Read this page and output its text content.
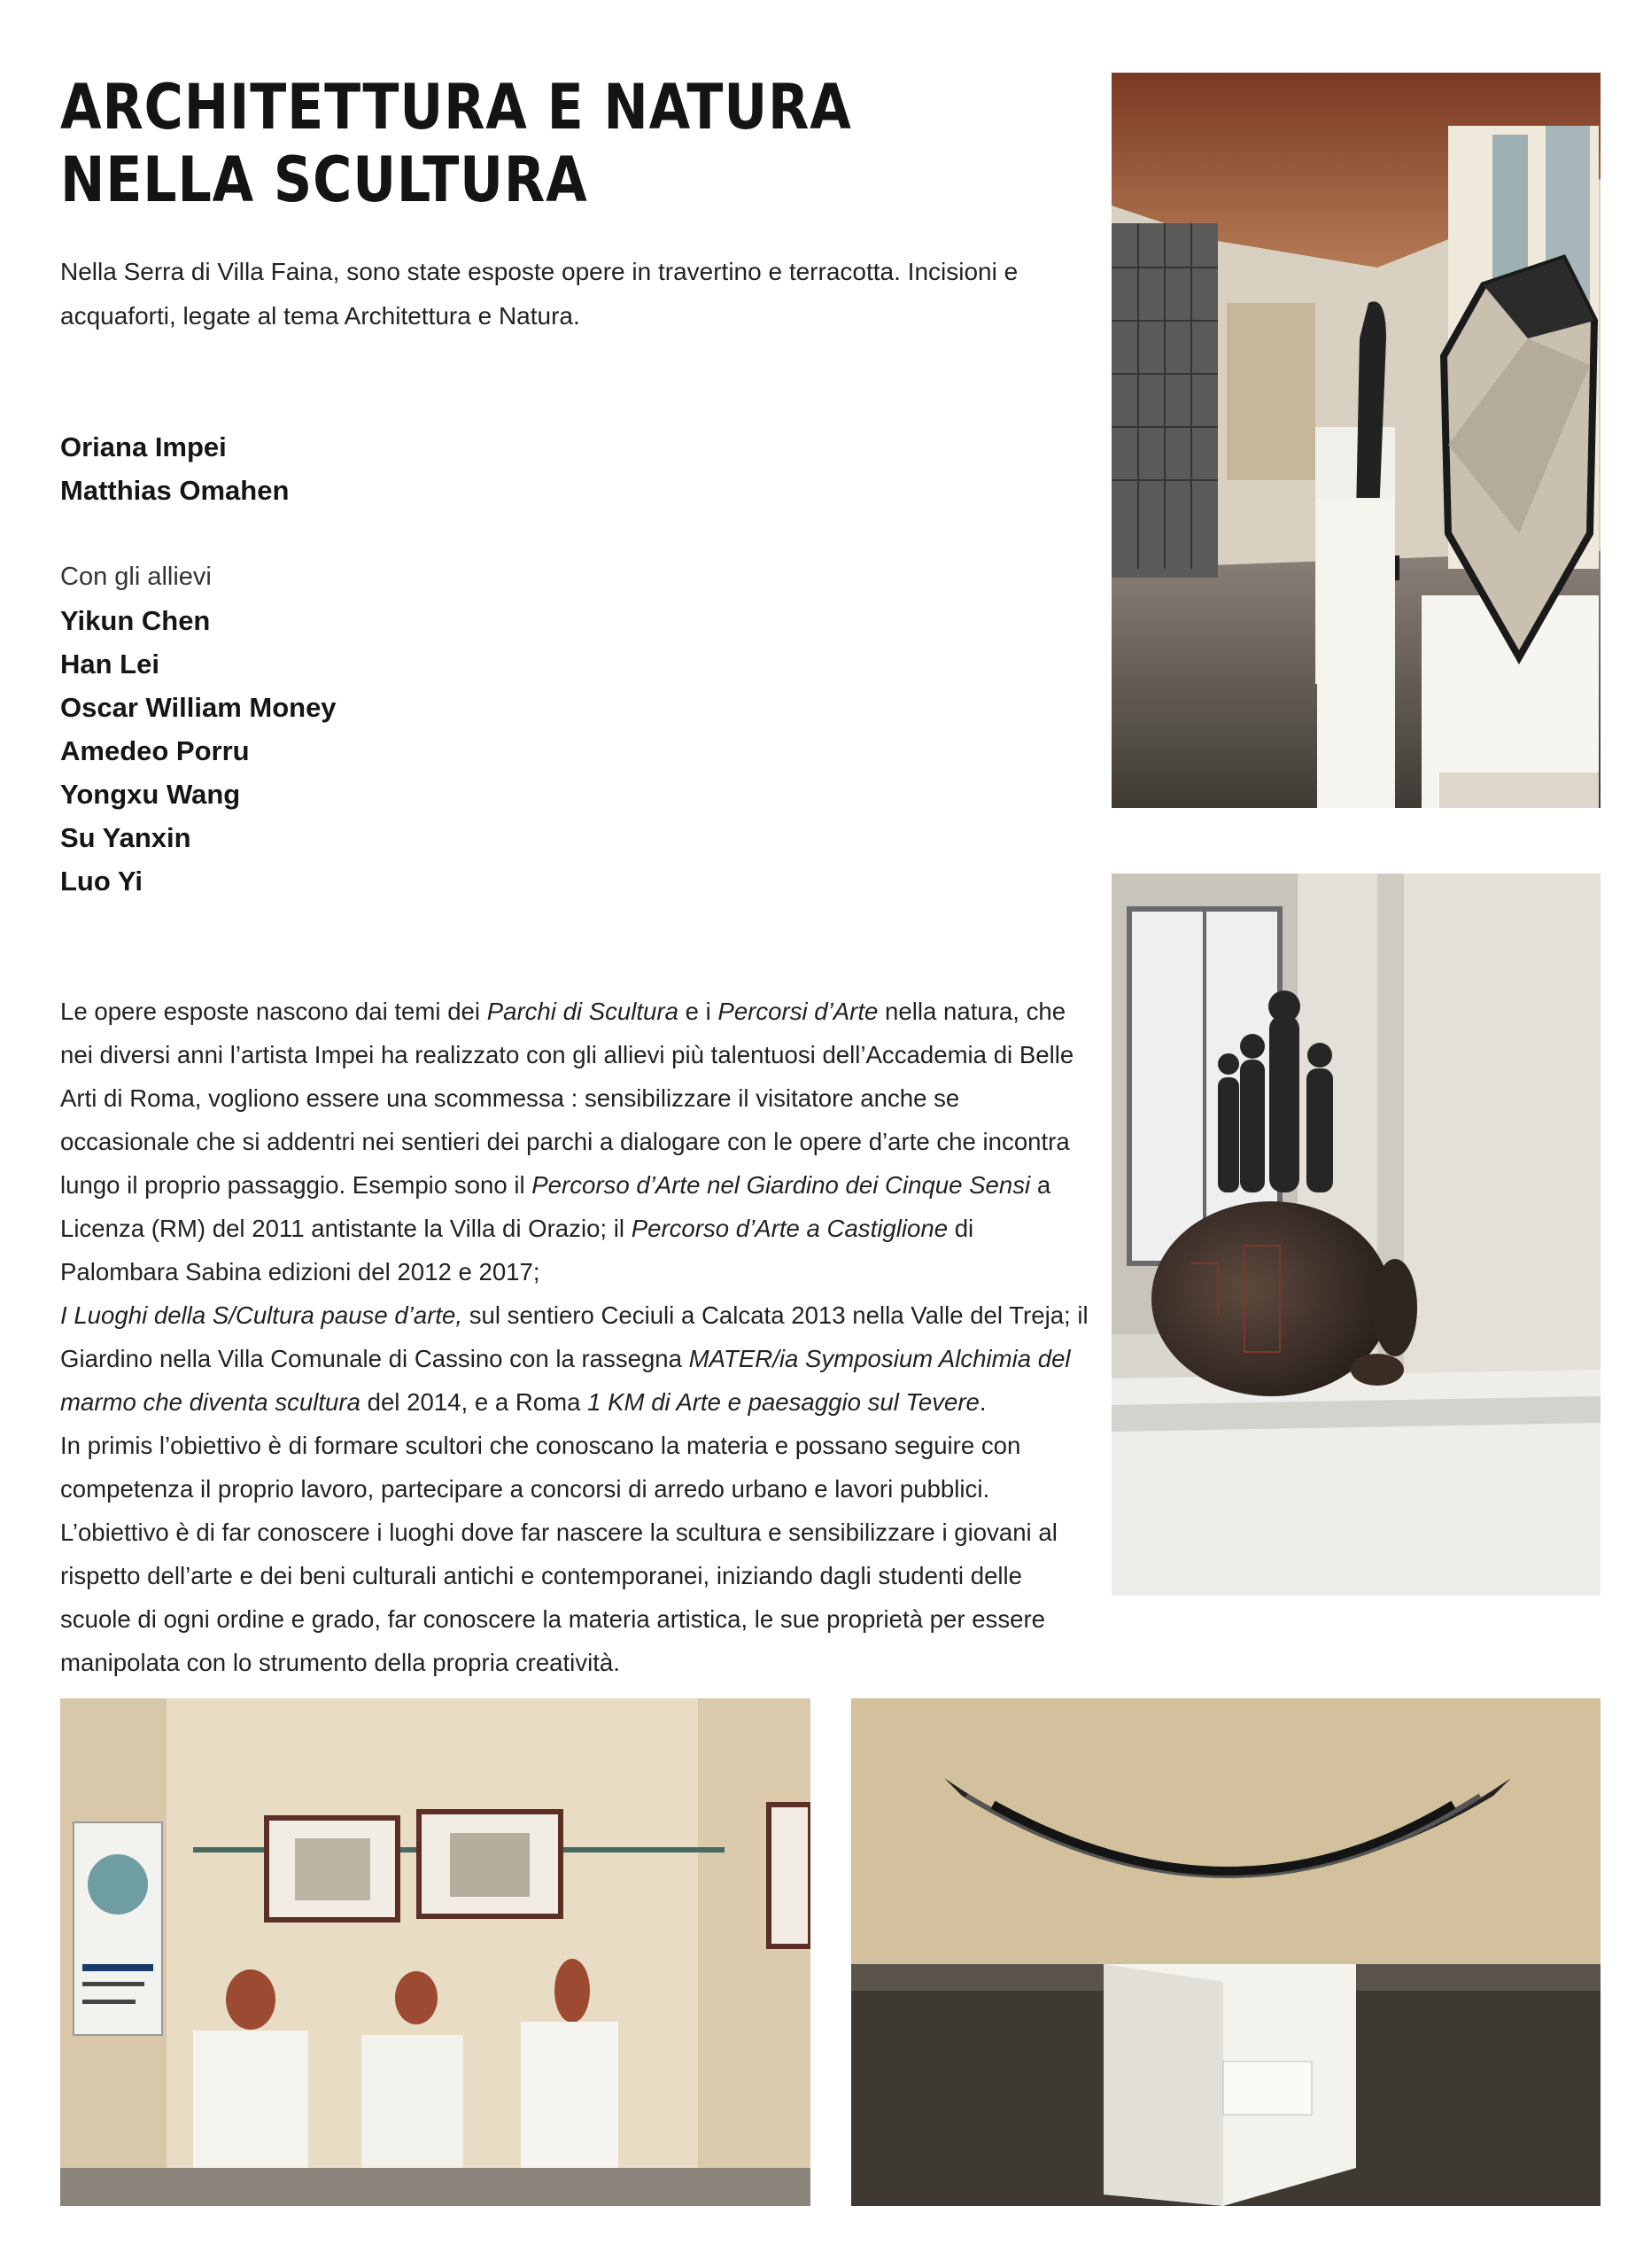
ARCHITETTURA E NATURA
NELLA SCULTURA

Nella Serra di Villa Faina, sono state esposte opere in travertino e terracotta. Incisioni e acquaforti, legate al tema Architettura e Natura.

Oriana Impei
Matthias Omahen
Con gli allievi
Yikun Chen
Han Lei
Oscar William Money
Amedeo Porru
Yongxu Wang
Su Yanxin
Luo Yi

Le opere esposte nascono dai temi dei Parchi di Scultura e i Percorsi d’Arte nella natura, che nei diversi anni l’artista Impei ha realizzato con gli allievi più talentuosi dell’Accademia di Belle Arti di Roma, vogliono essere una scommessa : sensibilizzare il visitatore anche se occasionale che si addentri nei sentieri dei parchi a dialogare con le opere d’arte che incontra lungo il proprio passaggio. Esempio sono il Percorso d’Arte nel Giardino dei Cinque Sensi a Licenza (RM) del 2011 antistante la Villa di Orazio; il Percorso d’Arte a Castiglione di Palombara Sabina edizioni del 2012 e 2017;

I Luoghi della S/Cultura pause d’arte, sul sentiero Ceciuli a Calcata 2013 nella Valle del Treja; il Giardino nella Villa Comunale di Cassino con la rassegna MATER/ia Symposium Alchimia del marmo che diventa scultura del 2014, e a Roma 1 KM di Arte e paesaggio sul Tevere.

In primis l’obiettivo è di formare scultori che conoscano la materia e possano seguire con competenza il proprio lavoro, partecipare a concorsi di arredo urbano e lavori pubblici. L’obiettivo è di far conoscere i luoghi dove far nascere la scultura e sensibilizzare i giovani al rispetto dell’arte e dei beni culturali antichi e contemporanei, iniziando dagli studenti delle scuole di ogni ordine e grado, far conoscere la materia artistica, le sue proprietà per essere manipolata con lo strumento della propria creatività.
